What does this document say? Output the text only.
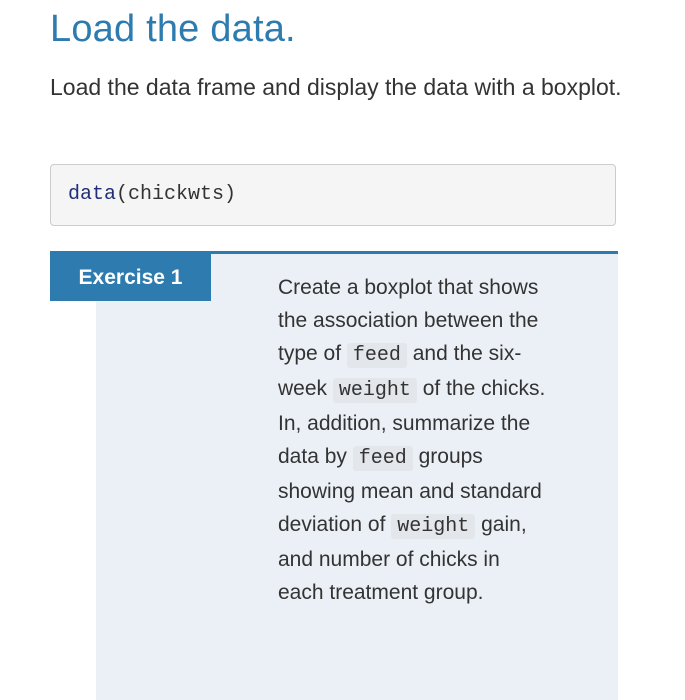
Load the data.

Load the data frame and display the data with a boxplot.

data(chickwts)
Exercise 1	Create a boxplot that shows the association between the type of feed and the six-week weight of the chicks. In, addition, summarize the data by feed groups showing mean and standard deviation of weight gain, and number of chicks in each treatment group.
